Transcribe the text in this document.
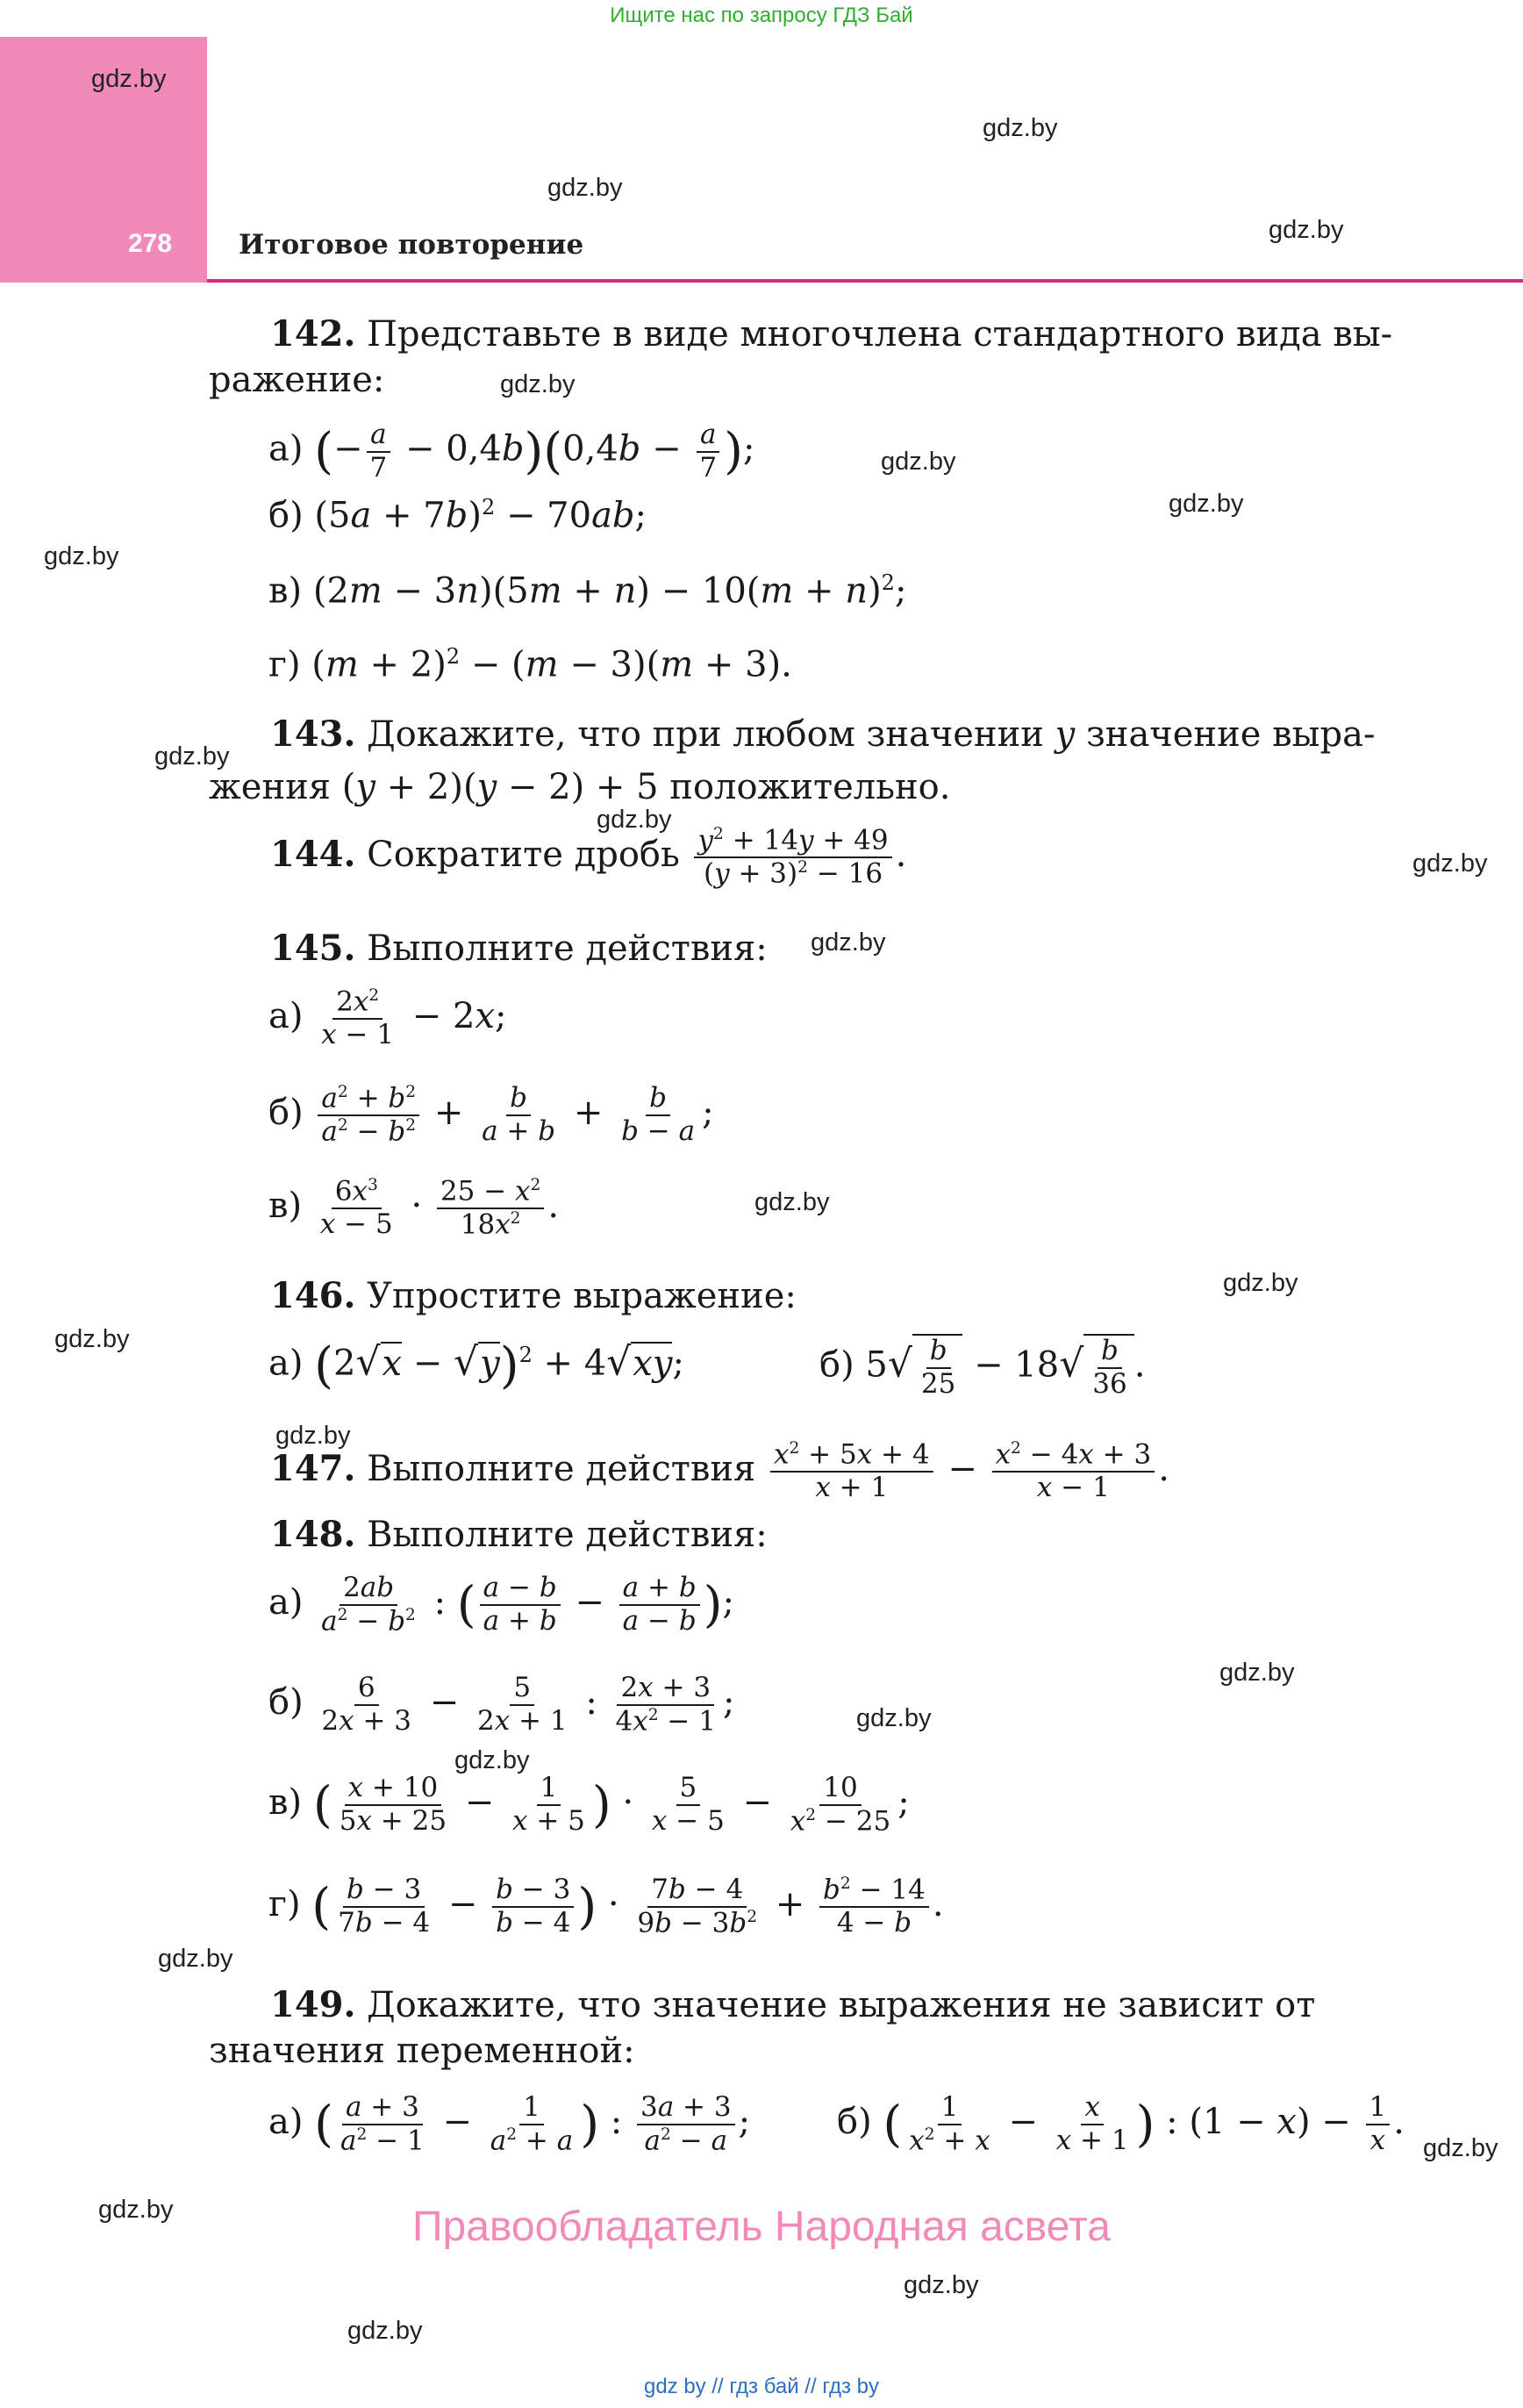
Ищите нас по запросу ГДЗ Бай
278 Итоговое повторение
gdz.by
gdz.by
gdz.by
gdz.by
gdz.by
gdz.by
gdz.by
gdz.by
gdz.by
gdz.by
gdz.by
gdz.by
gdz.by
gdz.by
gdz.by
gdz.by
gdz.by
gdz.by
gdz.by
gdz.by
gdz.by
gdz.by
gdz.by
gdz.by
142. Представьте в виде многочлена стандартного вида вы-
ражение:
а) (− $\frac{a}{7} - 0,4b)(0,4b - \frac{a}{7}$ );
б) $(5a + 7b)^2 - 70ab$;
в) $(2m - 3n)(5m + n) - 10(m + n)^2$;
г) $(m + 2)^2 - (m - 3)(m + 3)$.
143. Докажите, что при любом значении y значение выра-
жения (y + 2)(y − 2) + 5 положительно.
144. Сократите дробь $\frac{y^2 + 14y + 49}{(y + 3)^2 - 16}$ .
145. Выполните действия:
$а) \frac{2x^2}{x - 1} - 2x$;
$б) \frac{a^2 + b^2}{a^2 - b^2} + \frac{b}{a + b} + \frac{b}{b - a}$ ;
$в) \frac{6x^3}{x - 5} \cdot \frac{25 - x^2}{18x^2}$ .
146. Упростите выражение:
а) $(2√x - √y)^2 + 4√xy$;	б) $5√ \frac{b}{25} - 18√ \frac{b}{36}$ .
147. Выполните действия $\frac{x^2 + 5x + 4}{x + 1} - \frac{x^2 - 4x + 3}{x - 1}$ .
148. Выполните действия:
$а) \frac{2ab}{a^2 - b^2}$ : ( $\frac{a - b}{a + b} - \frac{a + b}{a - b}$ );
$б) \frac{6}{2x + 3} - \frac{5}{2x + 1}$ : $\frac{2x + 3}{4x^2 - 1}$ ;
в) ( $\frac{x + 10}{5x + 25} - \frac{1}{x + 5}$ ) · $\frac{5}{x - 5} - \frac{10}{x^2 - 25}$ ;
г) ( $\frac{b - 3}{7b - 4} - \frac{b - 3}{b - 4}$ ) · $\frac{7b - 4}{9b - 3b^2} + \frac{b^2 - 14}{4 - b}$ .
149. Докажите, что значение выражения не зависит от
значения переменной:
а) ( $\frac{a + 3}{a^2 - 1} - \frac{1}{a^2 + a}$ ) : $\frac{3a + 3}{a^2 - a}$ ; б) ( $\frac{1}{x^2 + x} - \frac{x}{x + 1}$ ) : $(1 - x) - \frac{1}{x}$ .
Правообладатель Народная асвета
gdz by // гдз бай // гдз by
